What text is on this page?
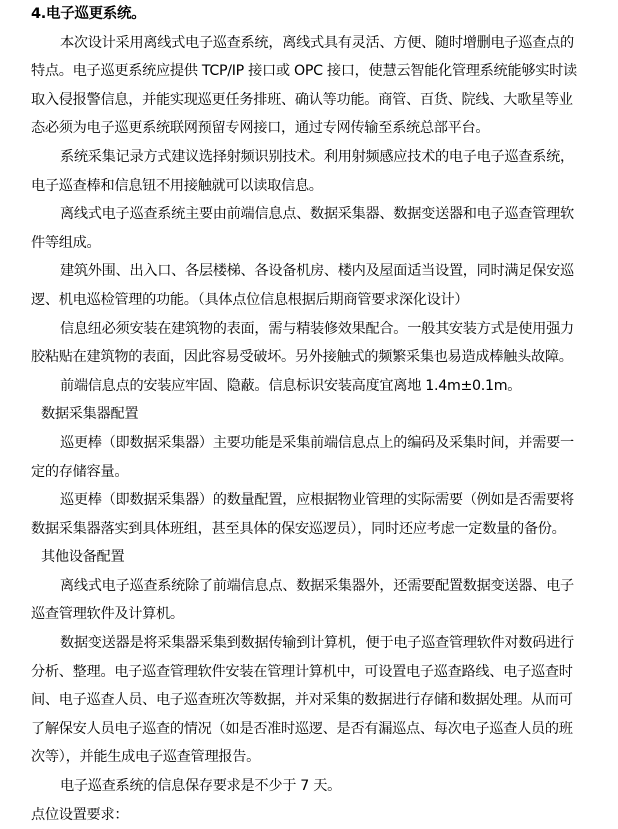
4.电子巡更系统。
本次设计采用离线式电子巡查系统，离线式具有灵活、方便、随时增删电子巡查点的
特点。电子巡更系统应提供 TCP/IP 接口或 OPC 接口，使慧云智能化管理系统能够实时读
取入侵报警信息，并能实现巡更任务排班、确认等功能。商管、百货、院线、大歌星等业
态必须为电子巡更系统联网预留专网接口，通过专网传输至系统总部平台。
系统采集记录方式建议选择射频识别技术。利用射频感应技术的电子电子巡查系统，
电子巡查棒和信息钮不用接触就可以读取信息。
离线式电子巡查系统主要由前端信息点、数据采集器、数据变送器和电子巡查管理软
件等组成。
建筑外围、出入口、各层楼梯、各设备机房、楼内及屋面适当设置，同时满足保安巡
逻、机电巡检管理的功能。（具体点位信息根据后期商管要求深化设计）
信息纽必须安装在建筑物的表面，需与精装修效果配合。一般其安装方式是使用强力
胶粘贴在建筑物的表面，因此容易受破坏。另外接触式的频繁采集也易造成棒触头故障。
前端信息点的安装应牢固、隐蔽。信息标识安装高度宜离地 1.4m±0.1m。
数据采集器配置
巡更棒（即数据采集器）主要功能是采集前端信息点上的编码及采集时间，并需要一
定的存储容量。
巡更棒（即数据采集器）的数量配置，应根据物业管理的实际需要（例如是否需要将
数据采集器落实到具体班组，甚至具体的保安巡逻员），同时还应考虑一定数量的备份。
其他设备配置
离线式电子巡查系统除了前端信息点、数据采集器外，还需要配置数据变送器、电子
巡查管理软件及计算机。
数据变送器是将采集器采集到数据传输到计算机，便于电子巡查管理软件对数码进行
分析、整理。电子巡查管理软件安装在管理计算机中，可设置电子巡查路线、电子巡查时
间、电子巡查人员、电子巡查班次等数据，并对采集的数据进行存储和数据处理。从而可
了解保安人员电子巡查的情况（如是否准时巡逻、是否有漏巡点、每次电子巡查人员的班
次等），并能生成电子巡查管理报告。
电子巡查系统的信息保存要求是不少于 7 天。
点位设置要求：
